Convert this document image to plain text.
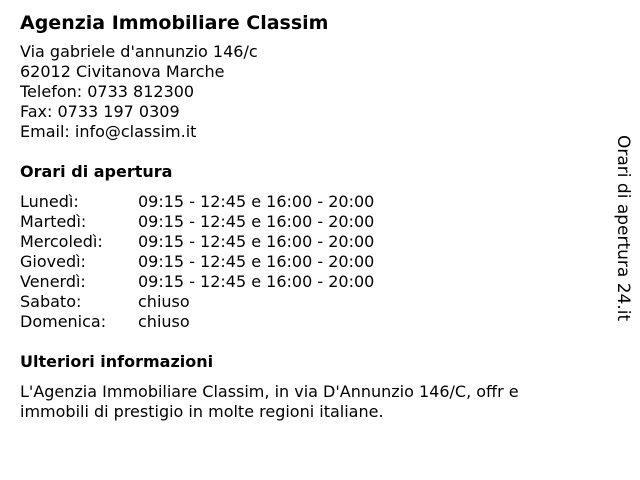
Agenzia Immobiliare Classim
Via gabriele d'annunzio 146/c
62012 Civitanova Marche
Telefon: 0733 812300
Fax: 0733 197 0309
Email: info@classim.it
Orari di apertura
Lunedì:	09:15 - 12:45 e 16:00 - 20:00
Martedì:	09:15 - 12:45 e 16:00 - 20:00
Mercoledì:	09:15 - 12:45 e 16:00 - 20:00
Giovedì:	09:15 - 12:45 e 16:00 - 20:00
Venerdì:	09:15 - 12:45 e 16:00 - 20:00
Sabato:	chiuso
Domenica:	chiuso
Ulteriori informazioni

L'Agenzia Immobiliare Classim, in via D'Annunzio 146/C, offr e immobili di prestigio in molte regioni italiane.

Orari di apertura 24.it
